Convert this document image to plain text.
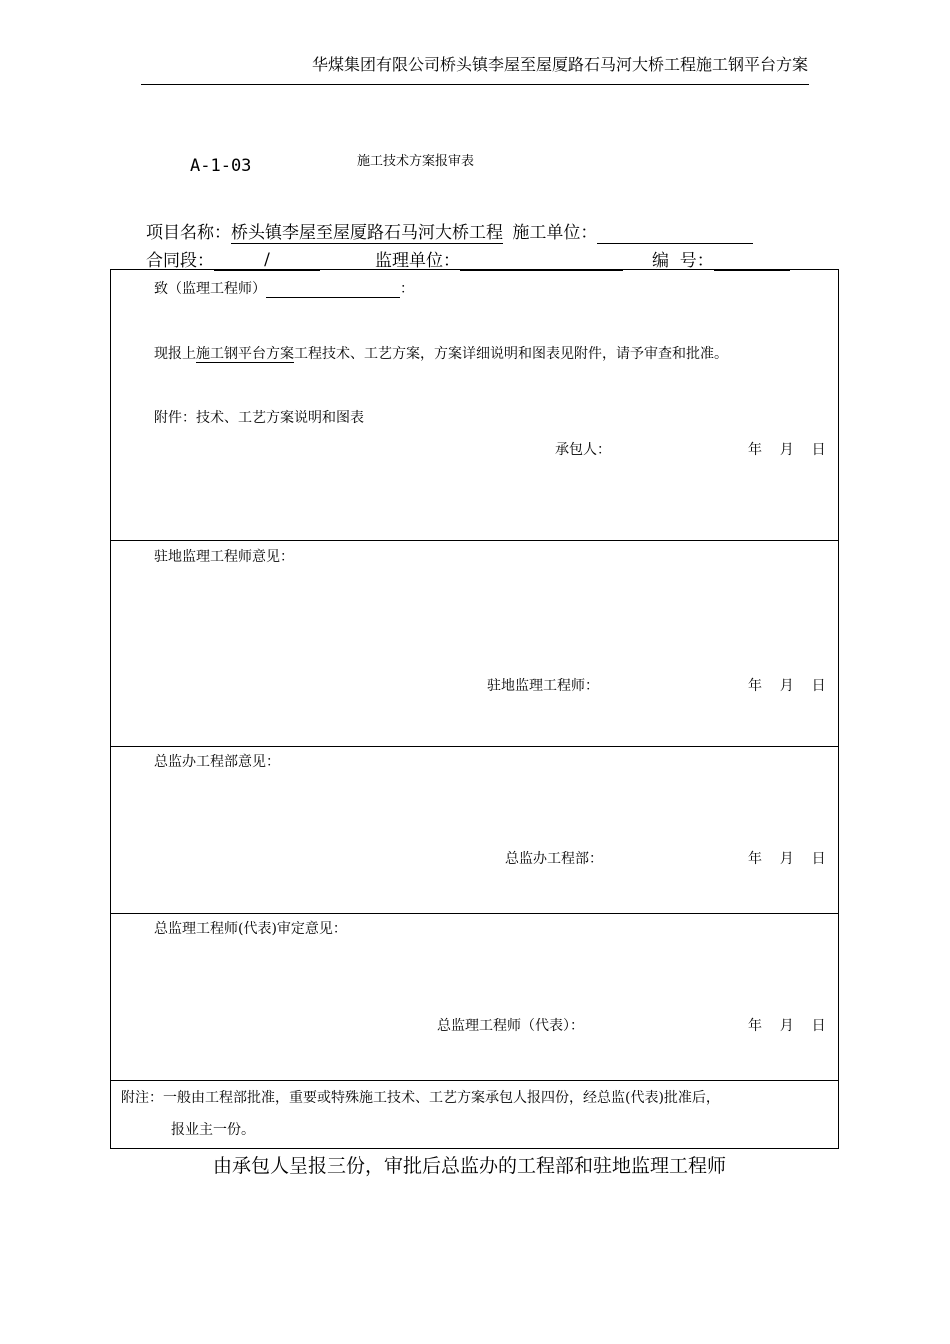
华煤集团有限公司桥头镇李屋至屋厦路石马河大桥工程施工钢平台方案
A-1-03	施工技术方案报审表
项目名称：桥头镇李屋至屋厦路石马河大桥工程 施工单位：
合同段：	/	监理单位：	编  号：
致（监理工程师）	：
现报上施工钢平台方案工程技术、工艺方案，方案详细说明和图表见附件，请予审查和批准。
附件：技术、工艺方案说明和图表
承包人：	年    月    日
驻地监理工程师意见：
驻地监理工程师：	年    月    日
总监办工程部意见：
总监办工程部：	年    月    日
总监理工程师(代表)审定意见：
总监理工程师（代表）：	年    月    日
附注：一般由工程部批准，重要或特殊施工技术、工艺方案承包人报四份，经总监(代表)批准后，
报业主一份。
由承包人呈报三份，审批后总监办的工程部和驻地监理工程师
